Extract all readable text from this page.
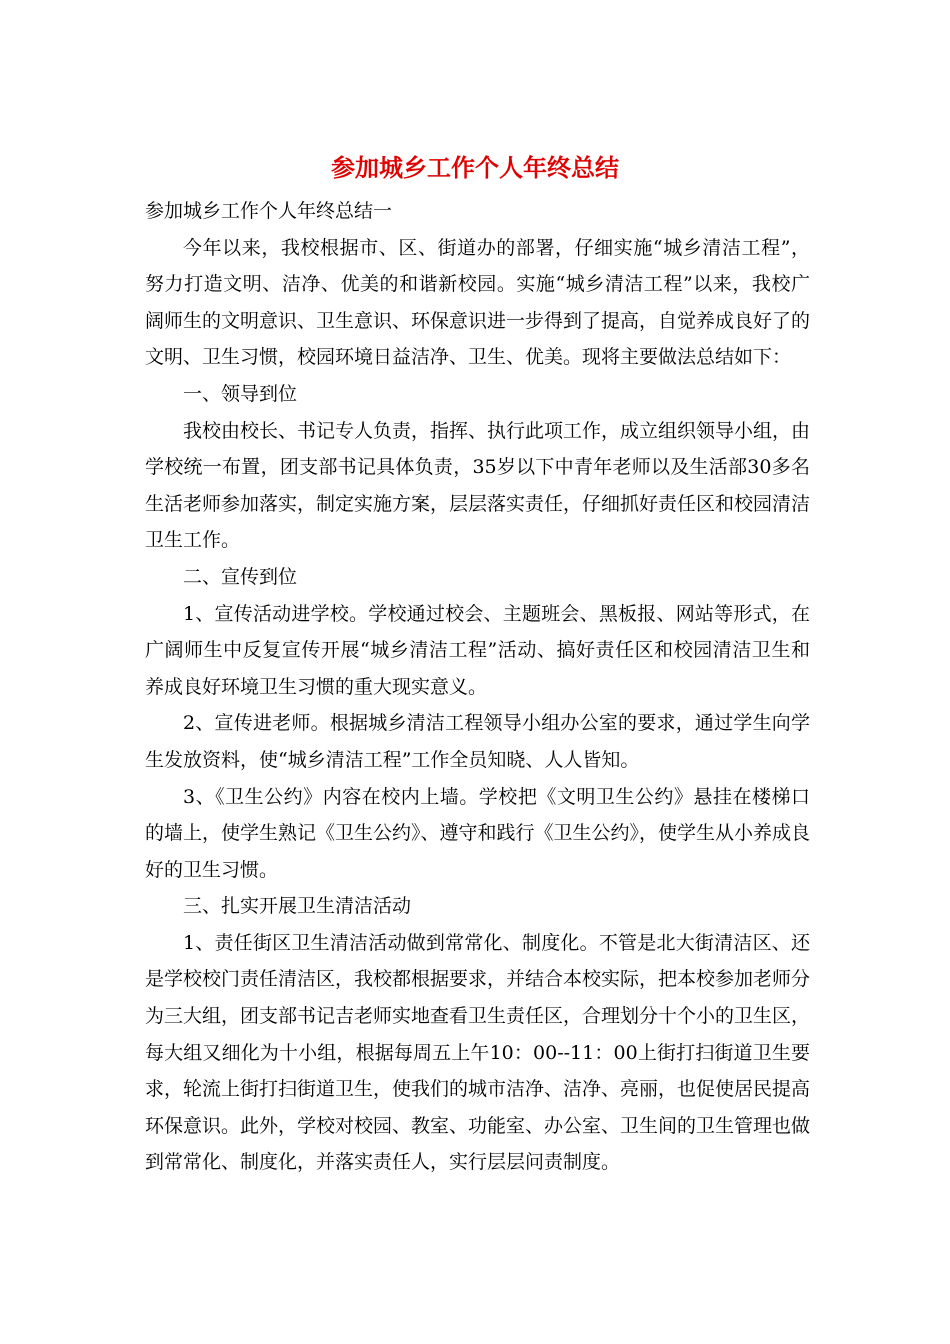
参加城乡工作个人年终总结

参加城乡工作个人年终总结一

今年以来，我校根据市、区、街道办的部署，仔细实施“城乡清洁工程”，努力打造文明、洁净、优美的和谐新校园。实施“城乡清洁工程”以来，我校广阔师生的文明意识、卫生意识、环保意识进一步得到了提高，自觉养成良好了的文明、卫生习惯，校园环境日益洁净、卫生、优美。现将主要做法总结如下：

一、领导到位

我校由校长、书记专人负责，指挥、执行此项工作，成立组织领导小组，由学校统一布置，团支部书记具体负责，35岁以下中青年老师以及生活部30多名生活老师参加落实，制定实施方案，层层落实责任，仔细抓好责任区和校园清洁卫生工作。

二、宣传到位

1、宣传活动进学校。学校通过校会、主题班会、黑板报、网站等形式，在广阔师生中反复宣传开展“城乡清洁工程”活动、搞好责任区和校园清洁卫生和养成良好环境卫生习惯的重大现实意义。

2、宣传进老师。根据城乡清洁工程领导小组办公室的要求，通过学生向学生发放资料，使“城乡清洁工程”工作全员知晓、人人皆知。

3、《卫生公约》内容在校内上墙。学校把《文明卫生公约》悬挂在楼梯口的墙上，使学生熟记《卫生公约》、遵守和践行《卫生公约》，使学生从小养成良好的卫生习惯。

三、扎实开展卫生清洁活动

1、责任街区卫生清洁活动做到常常化、制度化。不管是北大街清洁区、还是学校校门责任清洁区，我校都根据要求，并结合本校实际，把本校参加老师分为三大组，团支部书记吉老师实地查看卫生责任区，合理划分十个小的卫生区，每大组又细化为十小组，根据每周五上午10：00--11：00上街打扫街道卫生要求，轮流上街打扫街道卫生，使我们的城市洁净、洁净、亮丽，也促使居民提高环保意识。此外，学校对校园、教室、功能室、办公室、卫生间的卫生管理也做到常常化、制度化，并落实责任人，实行层层问责制度。
